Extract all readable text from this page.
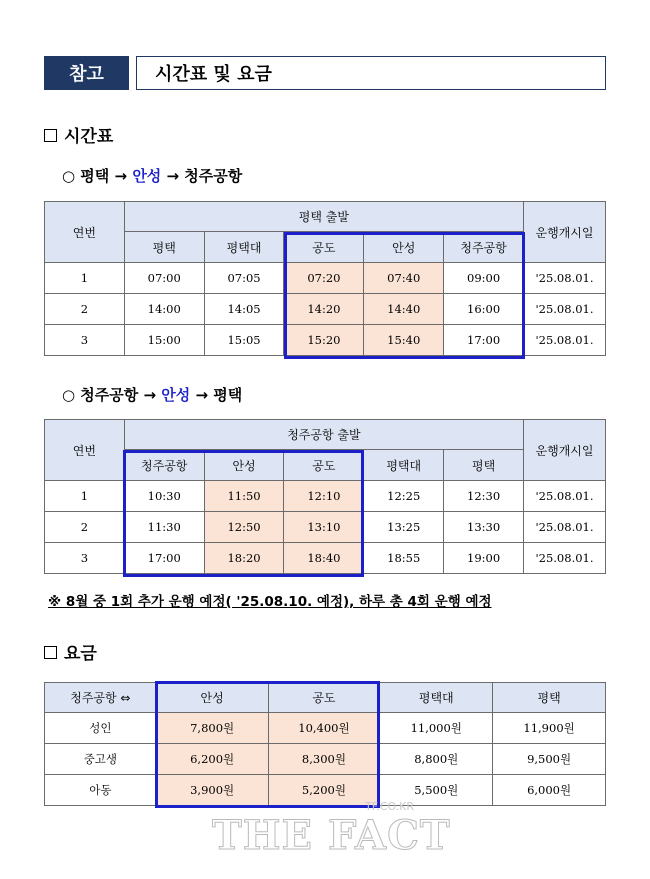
참고	시간표 및 요금
시간표
○ 평택 → 안성 → 청주공항
연번	평택 출발					운행개시일
	평택	평택대	공도	안성	청주공항	
1	07:00	07:05	07:20	07:40	09:00	'25.08.01.
2	14:00	14:05	14:20	14:40	16:00	'25.08.01.
3	15:00	15:05	15:20	15:40	17:00	'25.08.01.
○ 청주공항 → 안성 → 평택
연번	청주공항 출발					운행개시일
	청주공항	안성	공도	평택대	평택	
1	10:30	11:50	12:10	12:25	12:30	'25.08.01.
2	11:30	12:50	13:10	13:25	13:30	'25.08.01.
3	17:00	18:20	18:40	18:55	19:00	'25.08.01.
※ 8월 중 1회 추가 운행 예정( '25.08.10. 예정), 하루 총 4회 운행 예정
요금
청주공항 ⇔	안성	공도	평택대	평택
성인	7,800원	10,400원	11,000원	11,900원
중고생	6,200원	8,300원	8,800원	9,500원
아동	3,900원	5,200원	5,500원	6,000원
TF.CO.KR
THE FACT
